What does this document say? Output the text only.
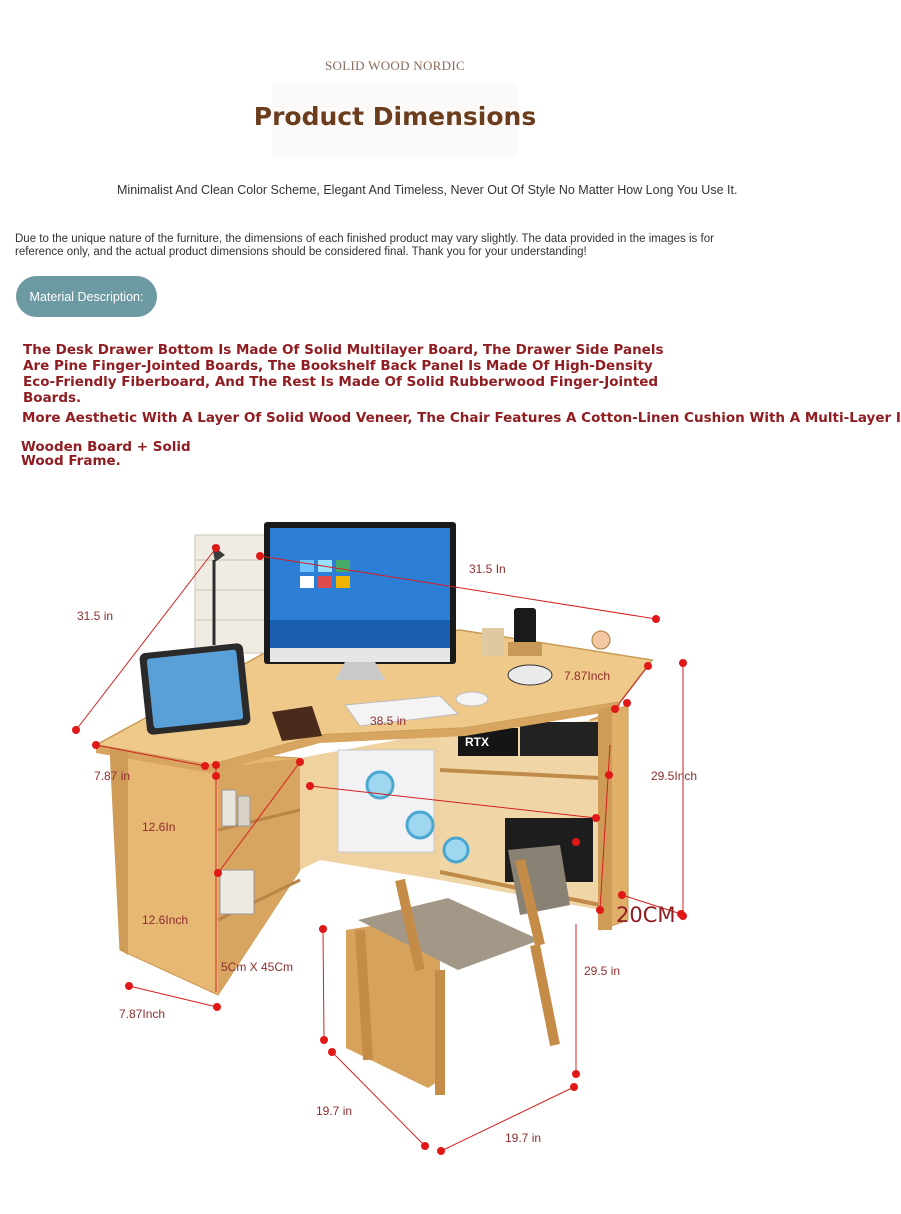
SOLID WOOD NORDIC
Product Dimensions
Minimalist And Clean Color Scheme, Elegant And Timeless, Never Out Of Style No Matter How Long You Use It.
Due to the unique nature of the furniture, the dimensions of each finished product may vary slightly. The data provided in the images is for reference only, and the actual product dimensions should be considered final. Thank you for your understanding!
Material Description:
The Desk Drawer Bottom Is Made Of Solid Multilayer Board, The Drawer Side Panels Are Pine Finger-Jointed Boards, The Bookshelf Back Panel Is Made Of High-Density Eco-Friendly Fiberboard, And The Rest Is Made Of Solid Rubberwood Finger-Jointed Boards.
More Aesthetic With A Layer Of Solid Wood Veneer, The Chair Features A Cotton-Linen Cushion With A Multi-Layer I
Wooden Board + Solid Wood Frame.
RTX
31.5 In
31.5 in
7.87Inch
38.5 in
7.87 in	29.5Inch
12.6In
12.6Inch
5Cm X 45Cm
7.87Inch
20CM
29.5 in
19.7 in
19.7 in
